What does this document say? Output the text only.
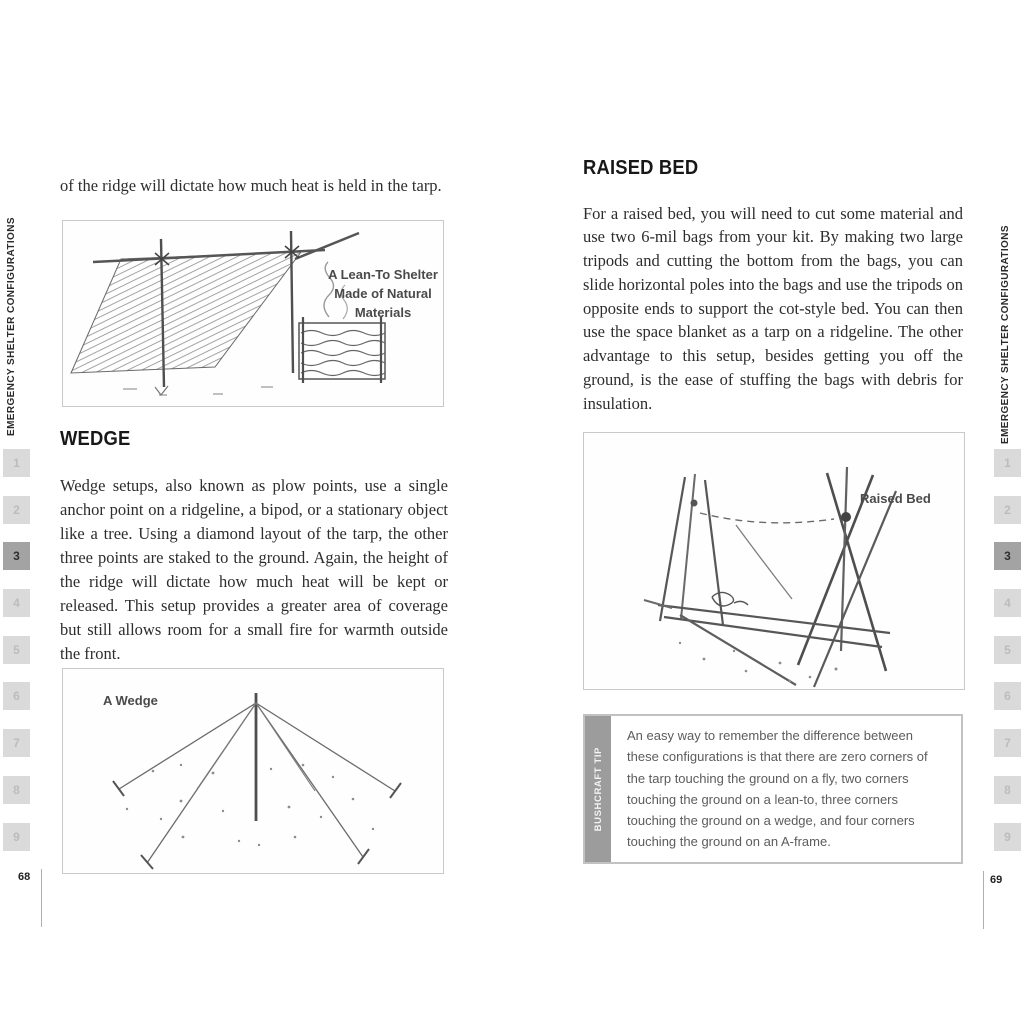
EMERGENCY SHELTER CONFIGURATIONS
1
2
3
4
5
6
7
8
9

of the ridge will dictate how much heat is held in the tarp.

A Lean-To Shelter Made of Natural Materials
WEDGE

Wedge setups, also known as plow points, use a single anchor point on a ridgeline, a bipod, or a stationary object like a tree. Using a diamond layout of the tarp, the other three points are staked to the ground. Again, the height of the ridge will dictate how much heat will be kept or released. This setup provides a greater area of coverage but still allows room for a small fire for warmth outside the front.

A Wedge
68
RAISED BED

For a raised bed, you will need to cut some material and use two 6-mil bags from your kit. By making two large tripods and cutting the bottom from the bags, you can slide horizontal poles into the bags and use the tripods on opposite ends to support the cot-style bed. You can then use the space blanket as a tarp on a ridgeline. The other advantage to this setup, besides getting you off the ground, is the ease of stuffing the bags with debris for insulation.

Raised Bed
BUSHCRAFT TIP
An easy way to remember the difference between these configurations is that there are zero corners of the tarp touching the ground on a fly, two corners touching the ground on a lean-to, three corners touching the ground on a wedge, and four corners touching the ground on an A-frame.
69
EMERGENCY SHELTER CONFIGURATIONS
1
2
3
4
5
6
7
8
9
